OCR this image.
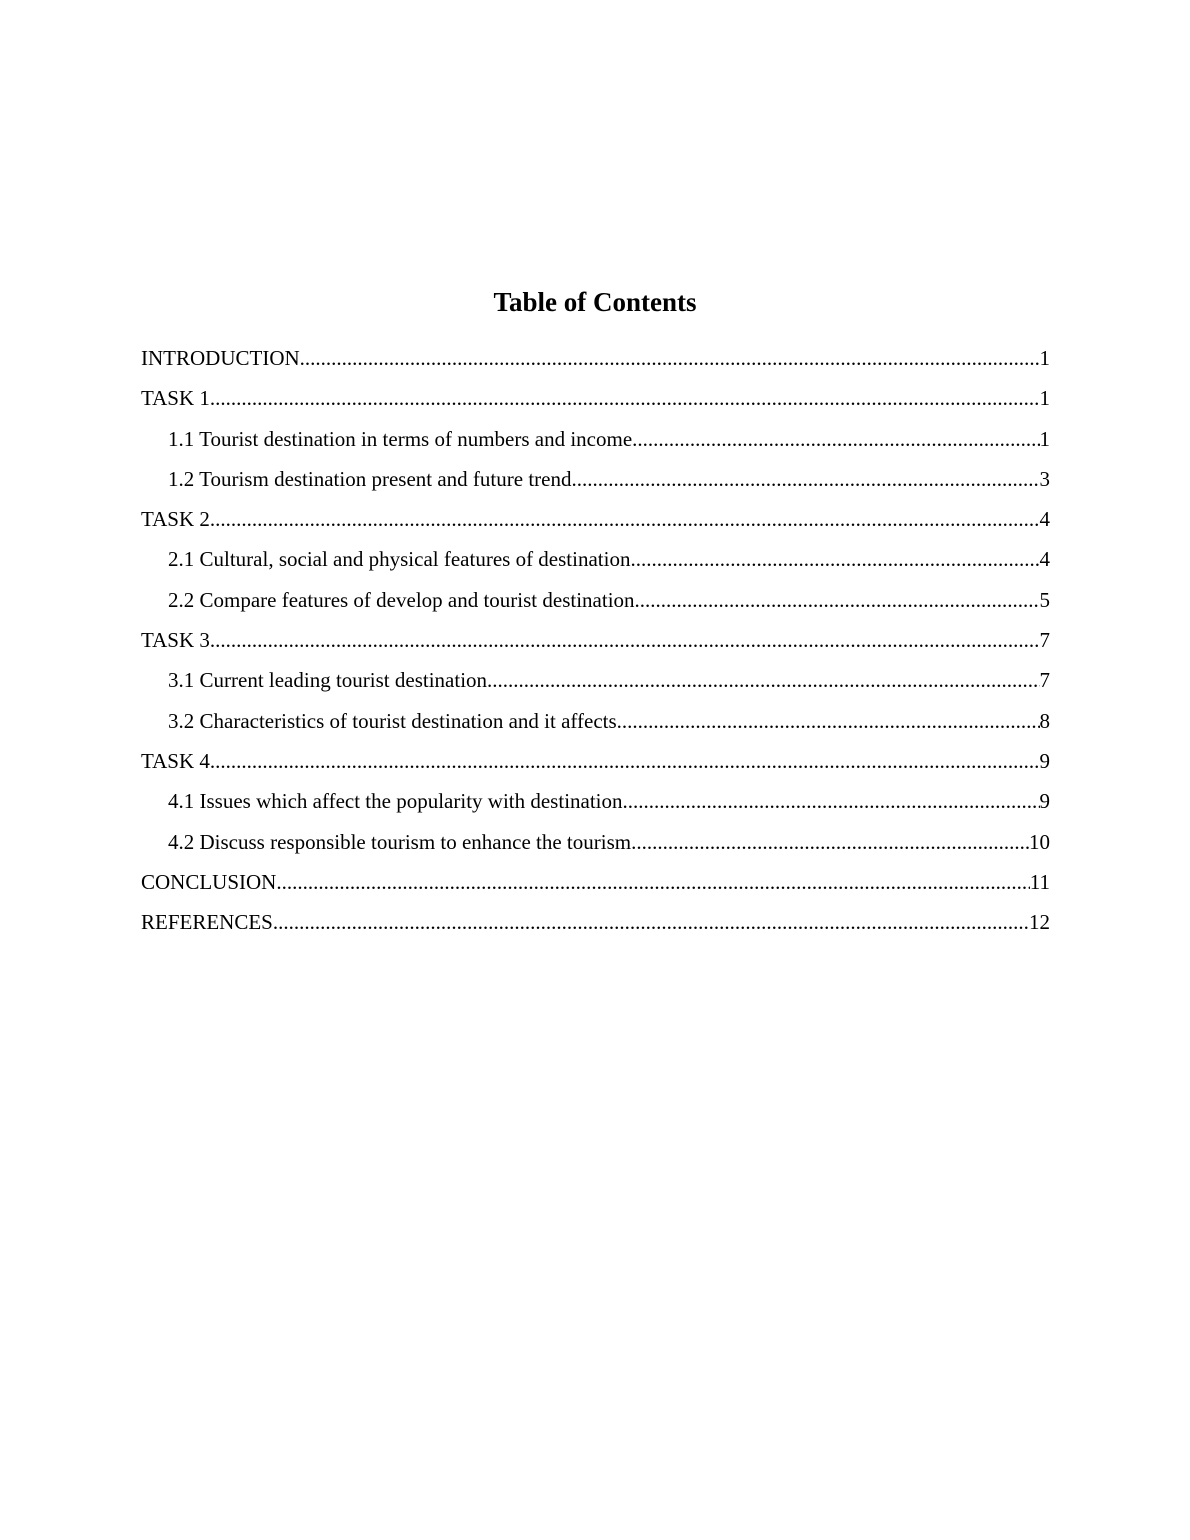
Table of Contents
INTRODUCTION .....	1
TASK 1 .....	1
1.1 Tourist destination in terms of numbers and income .....	1
1.2 Tourism destination present and future trend .....	3
TASK 2 .....	4
2.1 Cultural, social and physical features of destination .....	4
2.2 Compare features of develop and tourist destination .....	5
TASK 3 .....	7
3.1 Current leading tourist destination .....	7
3.2 Characteristics of tourist destination and it affects .....	8
TASK 4 .....	9
4.1 Issues which affect the popularity with destination .....	9
4.2 Discuss responsible tourism to enhance the tourism .....	10
CONCLUSION .....	11
REFERENCES .....	12
